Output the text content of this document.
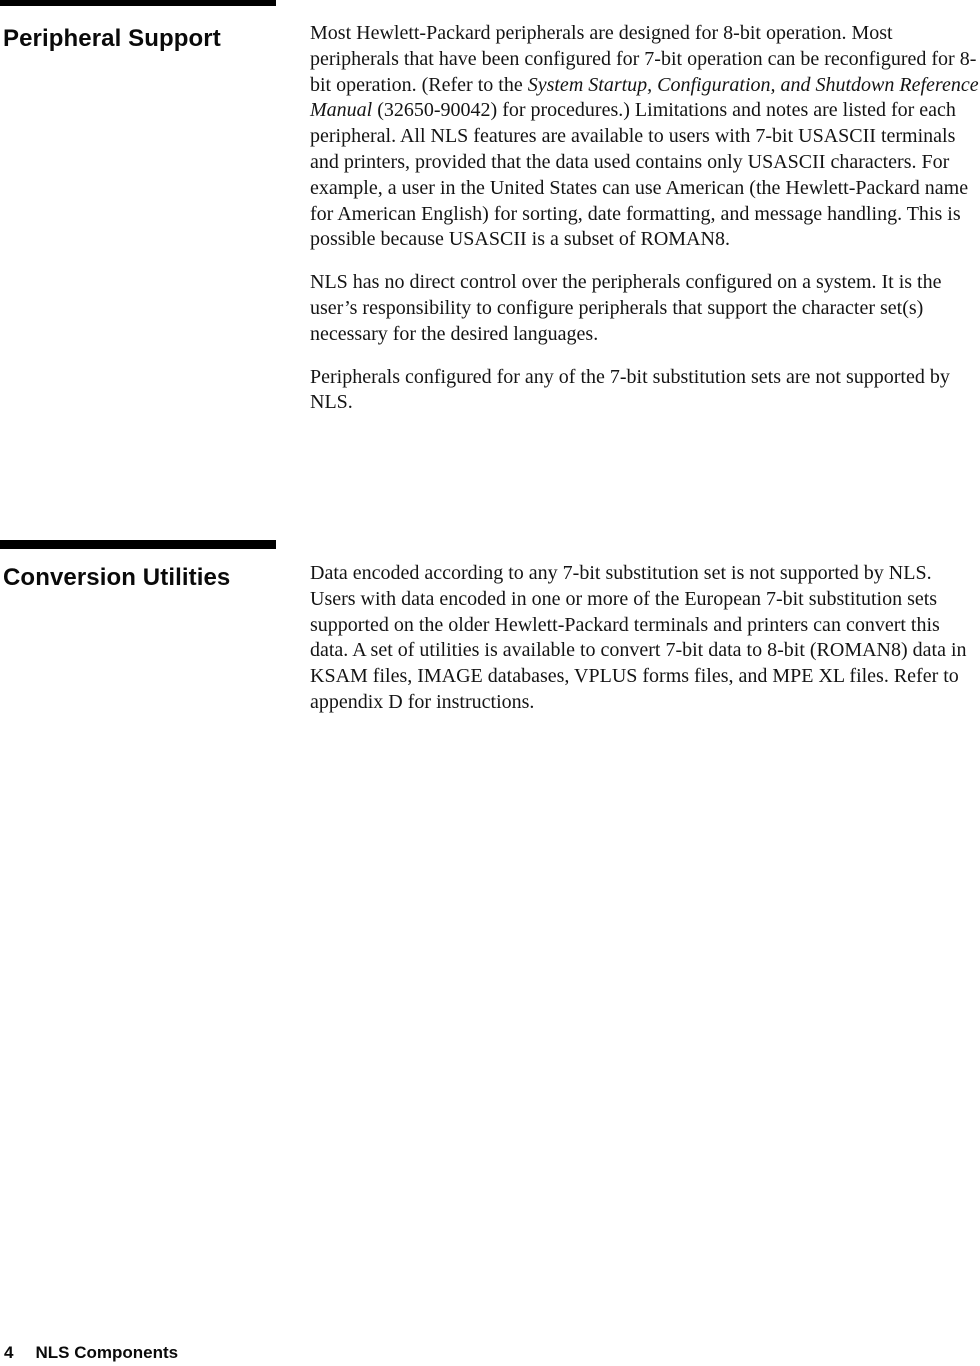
Peripheral Support	Most Hewlett-Packard peripherals are designed for 8-bit operation. Most peripherals that have been configured for 7-bit operation can be reconfigured for 8-bit operation. (Refer to the System Startup, Configuration, and Shutdown Reference Manual (32650-90042) for procedures.) Limitations and notes are listed for each peripheral. All NLS features are available to users with 7-bit USASCII terminals and printers, provided that the data used contains only USASCII characters. For example, a user in the United States can use American (the Hewlett-Packard name for American English) for sorting, date formatting, and message handling. This is possible because USASCII is a subset of ROMAN8.

NLS has no direct control over the peripherals configured on a system. It is the user’s responsibility to configure peripherals that support the character set(s) necessary for the desired languages.

Peripherals configured for any of the 7-bit substitution sets are not supported by NLS.

Conversion Utilities	Data encoded according to any 7-bit substitution set is not supported by NLS. Users with data encoded in one or more of the European 7-bit substitution sets supported on the older Hewlett-Packard terminals and printers can convert this data. A set of utilities is available to convert 7-bit data to 8-bit (ROMAN8) data in KSAM files, IMAGE databases, VPLUS forms files, and MPE XL files. Refer to appendix D for instructions.

4 NLS Components
